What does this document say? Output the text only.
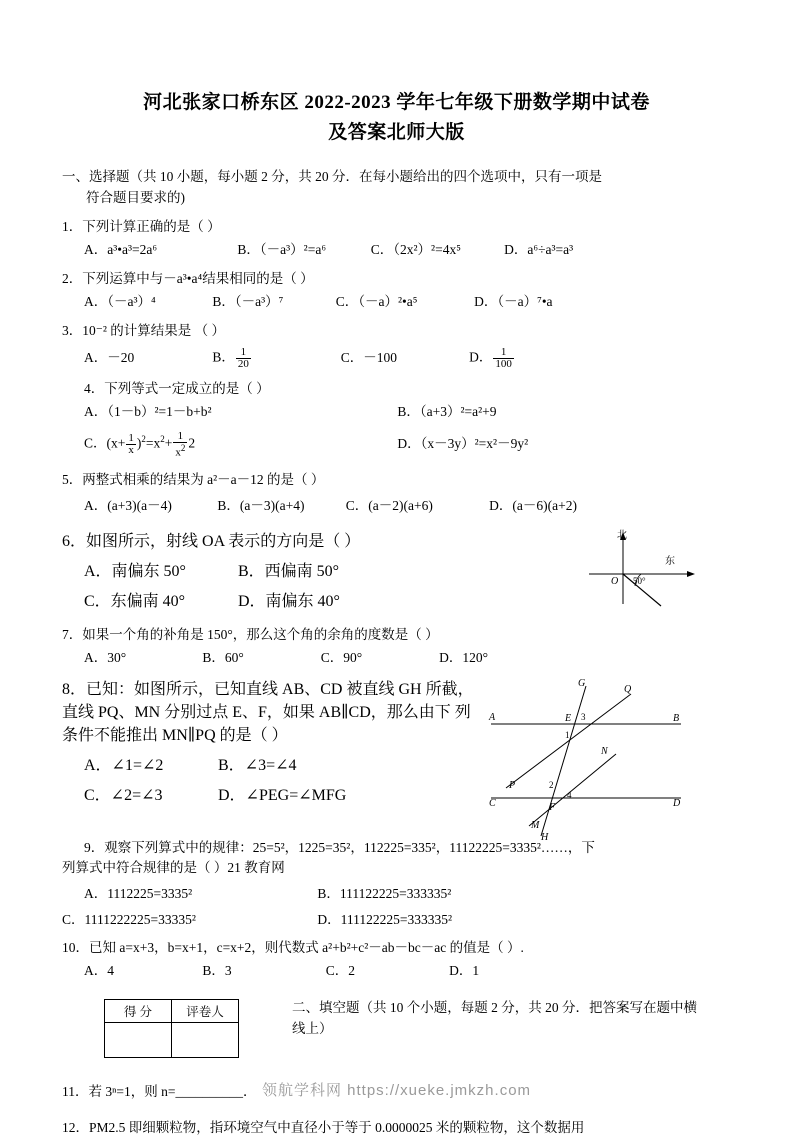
河北张家口桥东区 2022-2023 学年七年级下册数学期中试卷
及答案北师大版
一、选择题（共 10 小题，每小题 2 分，共 20 分．在每小题给出的四个选项中，只有一项是
符合题目要求的)
1．下列计算正确的是（ ）
A．a³•a³=2a⁶	B．（－a³）²=a⁶	C．（2x²）²=4x⁵	D．a⁶÷a³=a³
2．下列运算中与－a³•a⁴结果相同的是（ ）
A．（－a³）⁴	B．（－a³）⁷	C．（－a）²•a⁵	D．（－a）⁷•a
3．10⁻² 的计算结果是 （ ）
A．－20	B． $\frac{1}{20}$	C．－100	D． $\frac{1}{100}$
4．下列等式一定成立的是（ ）
A．（1－b）²=1－b+b²	B．（a+3）²=a²+9
C．$(x+ \frac{1}{x} )^2=x^2+ \frac{1}{x^2} 2$	D．（x－3y）²=x²－9y²
5．两整式相乘的结果为 a²－a－12 的是（ ）
A．(a+3)(a－4)	B．(a－3)(a+4)	C．(a－2)(a+6)	D．(a－6)(a+2)
6．如图所示，射线 OA 表示的方向是（ ）
A．南偏东 50°	B．西偏南 50°
C．东偏南 40°	D．南偏东 40°
北
东
O 50°
7．如果一个角的补角是 150°，那么这个角的余角的度数是（ ）
A．30°	B．60°	C．90°	D．120°
8．已知：如图所示，已知直线 AB、CD 被直线 GH 所截， 直线 PQ、MN 分别过点 E、F，如果 AB∥CD，那么由下 列条件不能推出 MN∥PQ 的是（ ）
A．∠1=∠2	B．∠3=∠4
C．∠2=∠3	D．∠PEG=∠MFG
G
Q
A	E	B
3
1
N
P	2
4
C	F	D
M
H
9．观察下列算式中的规律：25=5²，1225=35²，112225=335²，11122225=3335²……，下
列算式中符合规律的是（ ）21 教育网
A．1112225=3335²	B．111122225=333335²
C．1111222225=33335²	D．111122225=333335²
10．已知 a=x+3，b=x+1，c=x+2，则代数式 a²+b²+c²－ab－bc－ac 的值是（ ）.
A．4	B．3	C．2	D．1
得 分	评卷人
		二、填空题（共 10 个小题，每题 2 分，共 20 分．把答案写在题中横
线上）
11．若 3ⁿ=1，则 n=__________．
12．PM2.5 即细颗粒物，指环境空气中直径小于等于 0.0000025 米的颗粒物，这个数据用
领航学科网 https://xueke.jmkzh.com
